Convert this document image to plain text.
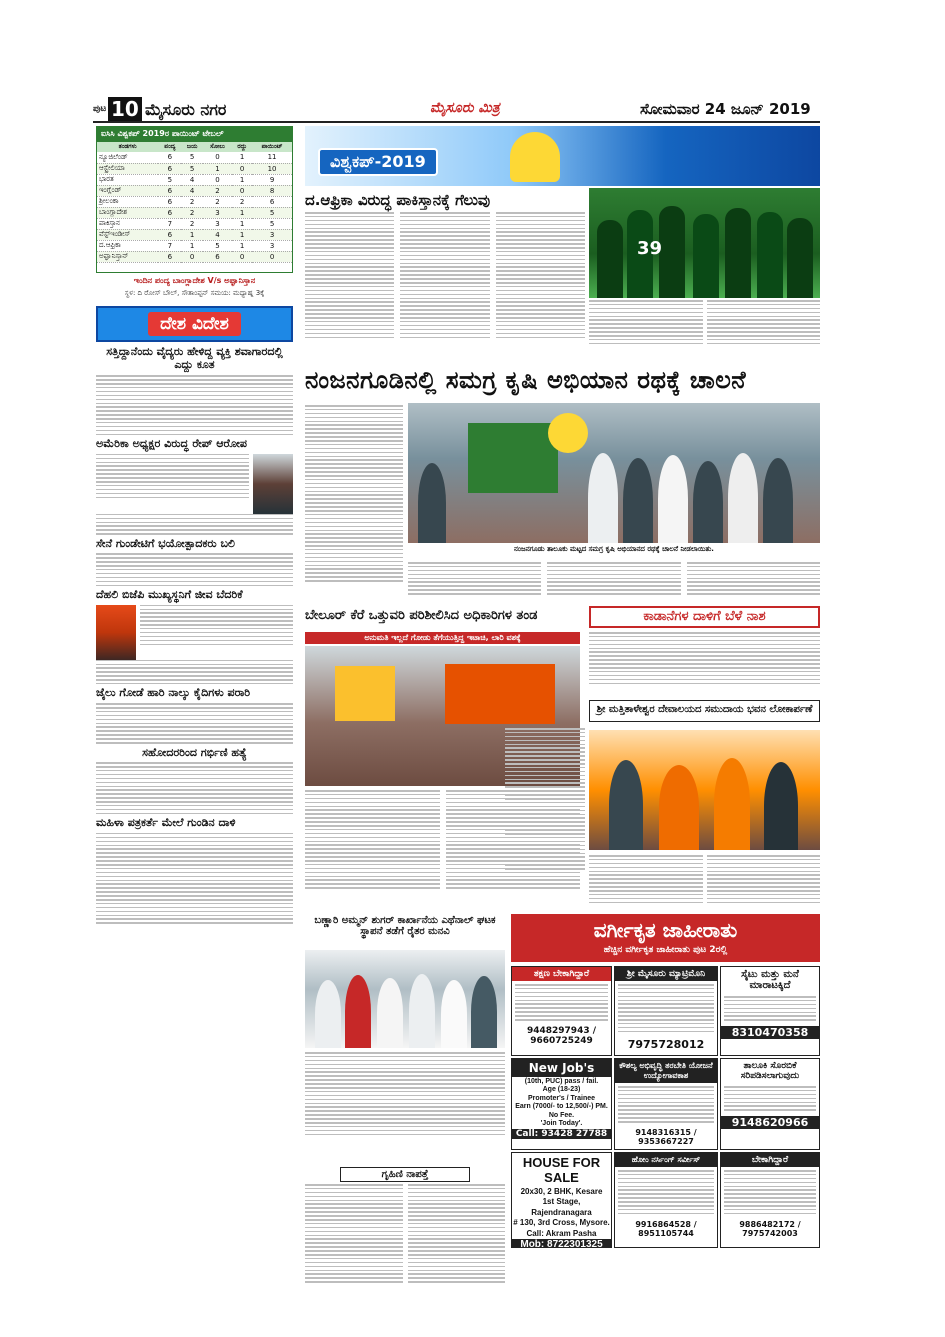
ಪುಟ 10 ಮೈಸೂರು ನಗರ	ಮೈಸೂರು ಮಿತ್ರ	ಸೋಮವಾರ 24 ಜೂನ್ 2019
ಐಸಿಸಿ ವಿಶ್ವಕಪ್ 2019ರ ಪಾಯಿಂಟ್ ಟೇಬಲ್
ತಂಡಗಳು	ಪಂದ್ಯ	ಜಯ	ಸೋಲು	ರದ್ದು	ಪಾಯಿಂಟ್
ನ್ಯೂಜಿಲೆಂಡ್	6	5	0	1	11
ಆಸ್ಟ್ರೇಲಿಯಾ	6	5	1	0	10
ಭಾರತ	5	4	0	1	9
ಇಂಗ್ಲೆಂಡ್	6	4	2	0	8
ಶ್ರೀಲಂಕಾ	6	2	2	2	6
ಬಾಂಗ್ಲಾದೇಶ	6	2	3	1	5
ಪಾಕಿಸ್ತಾನ	7	2	3	1	5
ವೆಸ್ಟ್ಇಂಡೀಸ್	6	1	4	1	3
ದ.ಆಫ್ರಿಕಾ	7	1	5	1	3
ಅಫ್ಘಾನಿಸ್ತಾನ್	6	0	6	0	0
ಇಂದಿನ ಪಂದ್ಯ ಬಾಂಗ್ಲಾದೇಶ V/s ಅಫ್ಘಾನಿಸ್ತಾನ
ಸ್ಥಳ: ದಿ ರೋಸ್ ಬೌಲ್, ಸೌತಾಂಪ್ಟನ್ ಸಮಯ: ಮಧ್ಯಾಹ್ನ 3ಕ್ಕೆ
ದೇಶ ವಿದೇಶ
ಸತ್ತಿದ್ದಾನೆಂದು ವೈದ್ಯರು ಹೇಳಿದ್ದ ವ್ಯಕ್ತಿ ಶವಾಗಾರದಲ್ಲಿ ಎದ್ದು ಕೂತ
ಅಮೆರಿಕಾ ಅಧ್ಯಕ್ಷರ ವಿರುದ್ಧ ರೇಪ್ ಆರೋಪ
ಸೇನೆ ಗುಂಡೇಟಿಗೆ ಭಯೋತ್ಪಾದಕರು ಬಲಿ
ದೆಹಲಿ ಬಿಜೆಪಿ ಮುಖ್ಯಸ್ಥನಿಗೆ ಜೀವ ಬೆದರಿಕೆ
ಜೈಲು ಗೋಡೆ ಹಾರಿ ನಾಲ್ಕು ಕೈದಿಗಳು ಪರಾರಿ
ಸಹೋದರರಿಂದ ಗರ್ಭಿಣಿ ಹತ್ಯೆ
ಮಹಿಳಾ ಪತ್ರಕರ್ತೆ ಮೇಲೆ ಗುಂಡಿನ ದಾಳಿ
ವಿಶ್ವಕಪ್-2019
ದ.ಆಫ್ರಿಕಾ ವಿರುದ್ಧ ಪಾಕಿಸ್ತಾನಕ್ಕೆ ಗೆಲುವು
39
ನಂಜನಗೂಡಿನಲ್ಲಿ ಸಮಗ್ರ ಕೃಷಿ ಅಭಿಯಾನ ರಥಕ್ಕೆ ಚಾಲನೆ
ನಂಜನಗೂಡು ತಾಲೂಕು ಮಟ್ಟದ ಸಮಗ್ರ ಕೃಷಿ ಅಭಿಯಾನದ ರಥಕ್ಕೆ ಚಾಲನೆ ನೀಡಲಾಯಿತು.
ಬೇಲೂರ್ ಕೆರೆ ಒತ್ತುವರಿ ಪರಿಶೀಲಿಸಿದ ಅಧಿಕಾರಿಗಳ ತಂಡ
ಅನುಮತಿ ಇಲ್ಲದೆ ಗೋಡು ತೆಗೆಯುತ್ತಿದ್ದ ಇಟಾಚಿ, ಲಾರಿ ವಶಕ್ಕೆ
ಕಾಡಾನೆಗಳ ದಾಳಿಗೆ ಬೆಳೆ ನಾಶ
ಶ್ರೀ ಮತ್ತಿತಾಳೇಶ್ವರ ದೇವಾಲಯದ ಸಮುದಾಯ ಭವನ ಲೋಕಾರ್ಪಣೆ
ಬಣ್ಣಾರಿ ಅಮ್ಮನ್ ಶುಗರ್ ಕಾರ್ಖಾನೆಯ ಎಥೆನಾಲ್ ಘಟಕ ಸ್ಥಾಪನೆ ತಡೆಗೆ ರೈತರ ಮನವಿ
ಗೃಹಿಣಿ ನಾಪತ್ತೆ
ವರ್ಗೀಕೃತ ಜಾಹೀರಾತು
ಹೆಚ್ಚಿನ ವರ್ಗೀಕೃತ ಜಾಹೀರಾತು ಪುಟ 2ರಲ್ಲಿ
ತಕ್ಷಣ ಬೇಕಾಗಿದ್ದಾರೆ
9448297943 / 9660725249
ಶ್ರೀ ಮೈಸೂರು ಮ್ಯಾಟ್ರಿಮೊನಿ
7975728012
ಸೈಟು ಮತ್ತು ಮನೆ ಮಾರಾಟಕ್ಕಿದೆ
8310470358
New Job's
(10th, PUC) pass / fail.
Age (18-23)
Promoter's / Trainee
Earn (7000/- to 12,500/-) PM. No Fee.
'Join Today'.
Call: 93428 27788
ಕೌಶಲ್ಯ ಅಭಿವೃದ್ಧಿ ತರಬೇತಿ ಯೋಜನೆ ಉದ್ಯೋಗಾವಕಾಶ
9148316315 / 9353667227
ತಾಲೂಕಿ ಸೊರಬಿಕೆ ಸರಿಪಡಿಸಲಾಗುವುದು
9148620966
HOUSE FOR SALE
20x30, 2 BHK, Kesare
1st Stage, Rajendranagara
# 130, 3rd Cross, Mysore.
Call: Akram Pasha
Mob: 8722301325
ಹೋಂ ನರ್ಸಿಂಗ್ ಸರ್ವೀಸ್
9916864528 / 8951105744
ಬೇಕಾಗಿದ್ದಾರೆ
9886482172 / 7975742003
